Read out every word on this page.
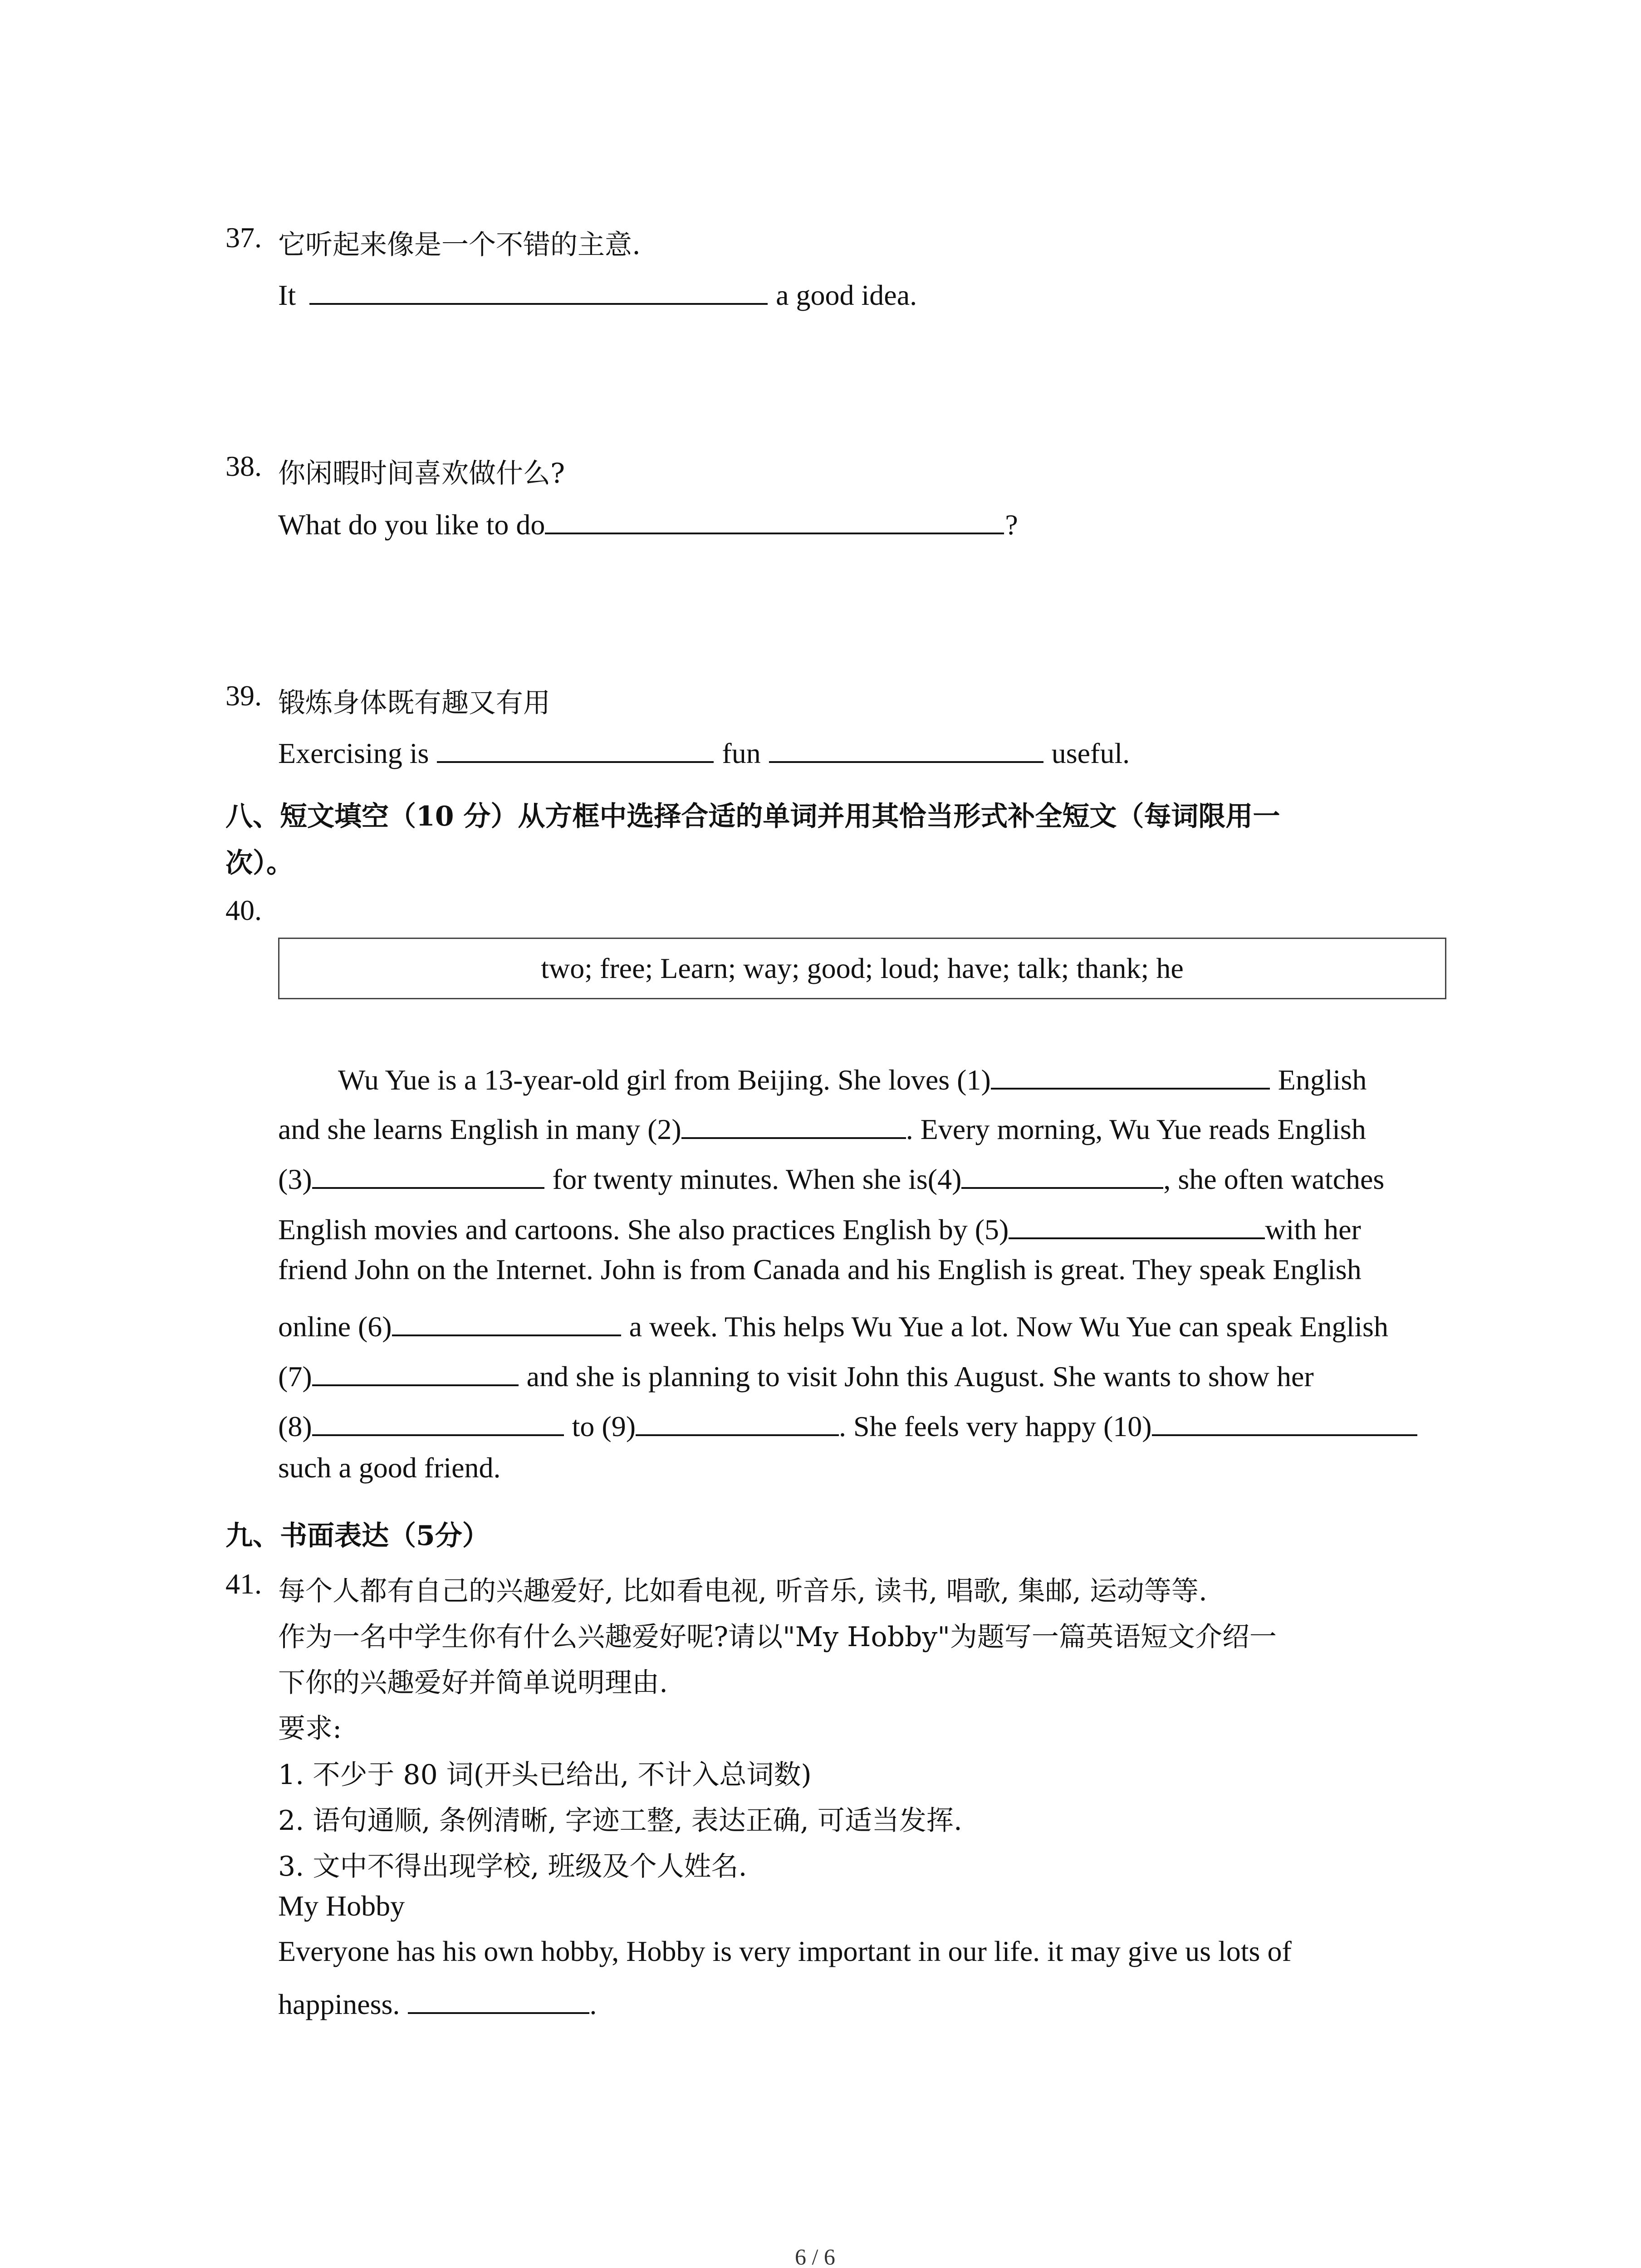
37. 它听起来像是一个不错的主意.
It	a good idea.
38. 你闲暇时间喜欢做什么?
What do you like to do	?
39. 锻炼身体既有趣又有用
Exercising is	fun	useful.
八、短文填空（10 分）从方框中选择合适的单词并用其恰当形式补全短文（每词限用一
次）。
40.
two; free; Learn; way; good; loud; have; talk; thank; he
Wu Yue is a 13-year-old girl from Beijing. She loves (1)	English
and she learns English in many (2)	. Every morning, Wu Yue reads English
(3)	for twenty minutes. When she is(4)	, she often watches
English movies and cartoons. She also practices English by (5)	with her
friend John on the Internet. John is from Canada and his English is great. They speak English
online (6)	a week. This helps Wu Yue a lot. Now Wu Yue can speak English
(7)	and she is planning to visit John this August. She wants to show her
(8)	to (9)	. She feels very happy (10)
such a good friend.
九、书面表达（5分）
41. 每个人都有自己的兴趣爱好, 比如看电视, 听音乐, 读书, 唱歌, 集邮, 运动等等.
作为一名中学生你有什么兴趣爱好呢?请以"My Hobby"为题写一篇英语短文介绍一
下你的兴趣爱好并简单说明理由.
要求:
1. 不少于 80 词(开头已给出, 不计入总词数)
2. 语句通顺, 条例清晰, 字迹工整, 表达正确, 可适当发挥.
3. 文中不得出现学校, 班级及个人姓名.
My Hobby
Everyone has his own hobby, Hobby is very important in our life. it may give us lots of
happiness.	.
6 / 6
